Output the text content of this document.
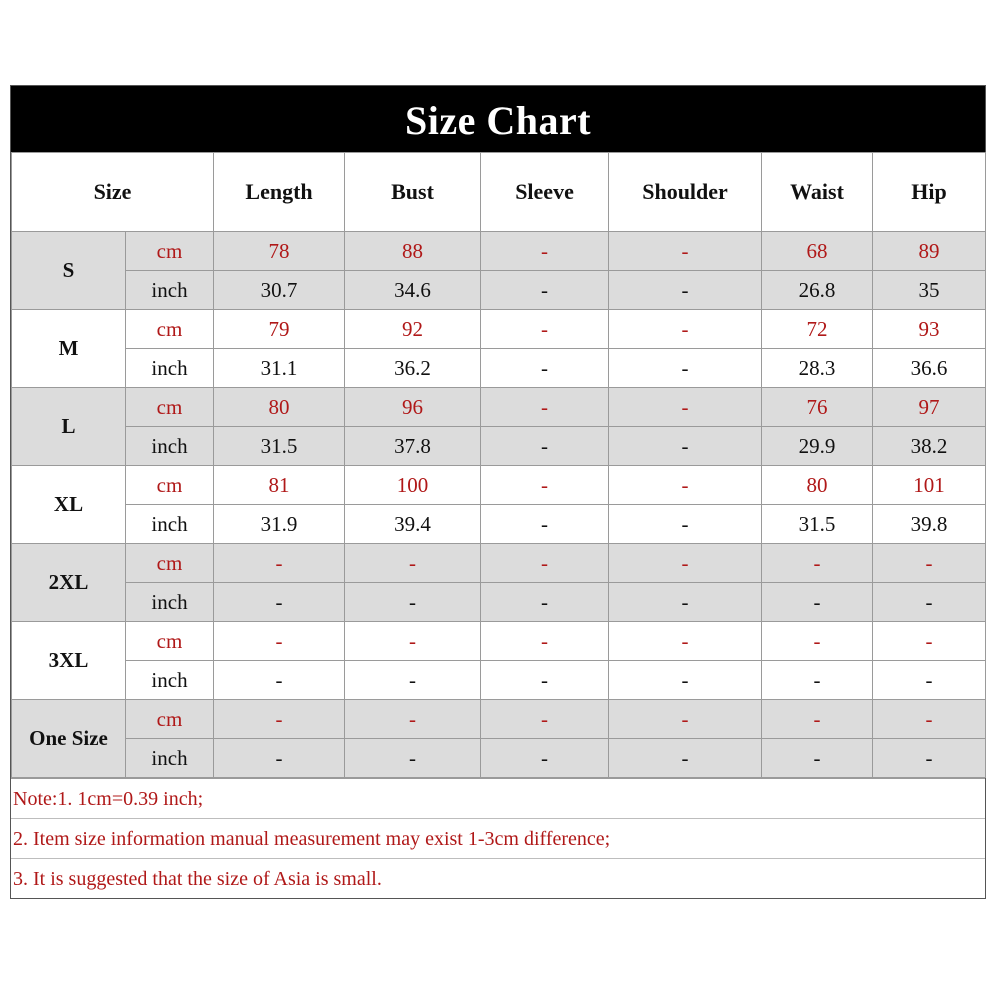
Size Chart
Size		Length	Bust	Sleeve	Shoulder	Waist	Hip
S	cm	78	88	-	-	68	89
	inch	30.7	34.6	-	-	26.8	35
M	cm	79	92	-	-	72	93
	inch	31.1	36.2	-	-	28.3	36.6
L	cm	80	96	-	-	76	97
	inch	31.5	37.8	-	-	29.9	38.2
XL	cm	81	100	-	-	80	101
	inch	31.9	39.4	-	-	31.5	39.8
2XL	cm	-	-	-	-	-	-
	inch	-	-	-	-	-	-
3XL	cm	-	-	-	-	-	-
	inch	-	-	-	-	-	-
One Size	cm	-	-	-	-	-	-
	inch	-	-	-	-	-	-
Note:1. 1cm=0.39 inch;
2. Item size information manual measurement may exist 1-3cm difference;
3. It is suggested that the size of Asia is small.
